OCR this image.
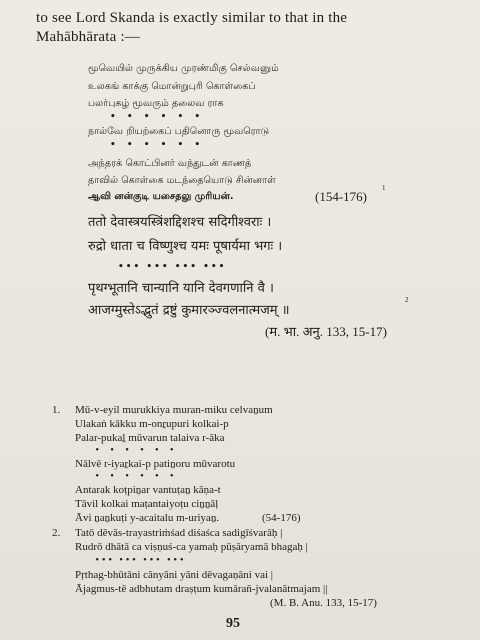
to see Lord Skanda is exactly similar to that in the
Mahābhārata :—
மூவெயில் முருக்கிய முரண்மிகு செல்வனும்
உலகங் காக்கு மொன்றுபுரி கொள்கைப்
பலர்புகழ் மூவரும் தலைவ ராக
• • • • • •
நால்வே றியற்கைப் பதினொரு மூவரொடு
• • • • • •
அந்தரக் கொட்பினர் வந்துடன் காணத்
தாவில் கொள்கை மடந்தையொடு சின்னாள்
ஆவி னன்குடி யசைதலு முரியன்.	(154-176)
1
ततो देवास्त्रयस्त्रिंशद्दिशश्च सदिगीश्वराः ।
रुद्रो धाता च विष्णुश्च यमः पूषार्यमा भगः ।
••• ••• ••• •••
पृथग्भूतानि चान्यानि यानि देवगणानि वै ।
आजग्मुस्तेऽद्भुतं द्रष्टुं कुमारञ्ज्वलनात्मजम् ॥
2
(म. भा. अनु. 133, 15-17)
1. Mū-v-eyil murukkiya muran-miku celvaṉum
Ulakaṅ kākku m-onṟupuri kolkai-p
Palar-pukaḻ mūvarun talaiva r-āka
• • • • • •
Nālvē r-iyaṟkai-p patiṉoru mūvarotu
• • • • • •
Antarak koṭpiṉar vantuṭaṉ kāṇa-t
Tāvil kolkai maṭantaiyoṭu ciṉṉāḷ
Āvi ṉaṉkuṭi y-acaitalu m-uriyaṉ.	(54-176)
2. Tatō dēvās-trayastriṁśad diśaśca sadigīśvarāḥ |
Rudrō dhātā ca viṣṇuś-ca yamaḥ pūṣāryamā bhagaḥ |
••• ••• ••• •••
Pṛthag-bhūtāni cānyāni yāni dēvagaṇāni vai |
Ājagmus-tē adbhutam draṣṭum kumārañ-jvalanātmajam ||
(M. B. Anu. 133, 15-17)
95
